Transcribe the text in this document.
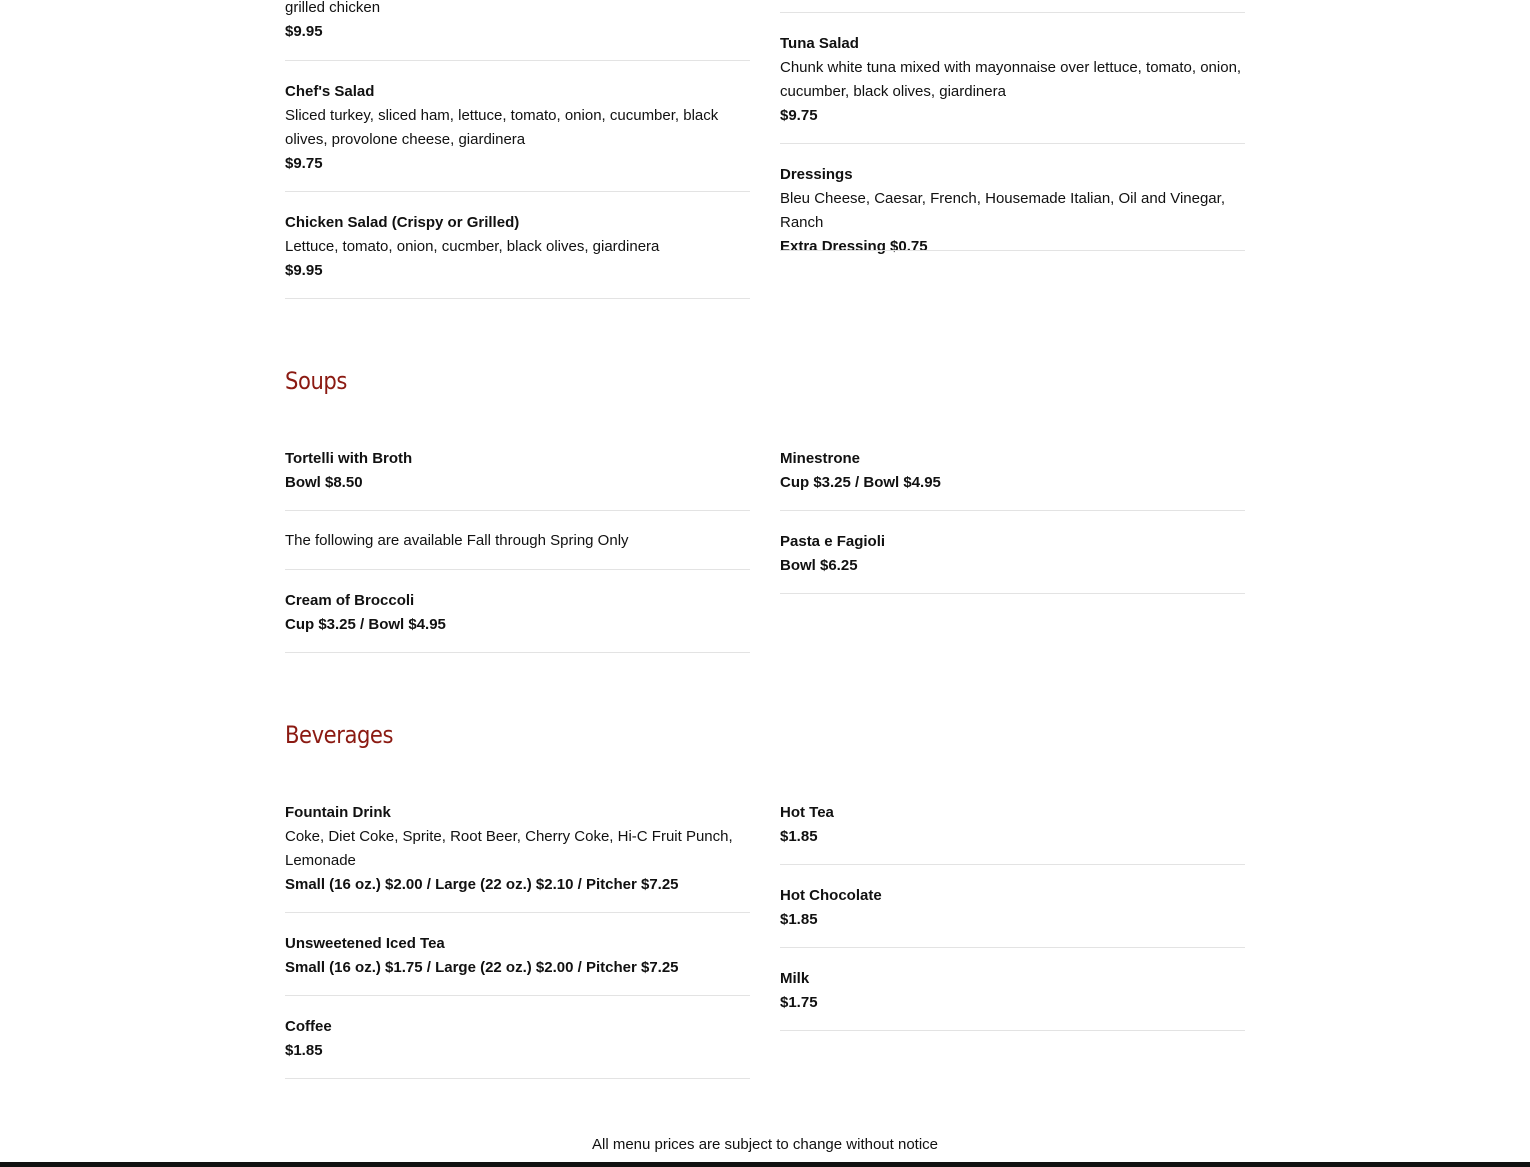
grilled chicken
$9.95
Chef's Salad
Sliced turkey, sliced ham, lettuce, tomato, onion, cucumber, black olives, provolone cheese, giardinera
$9.75
Chicken Salad (Crispy or Grilled)
Lettuce, tomato, onion, cucmber, black olives, giardinera
$9.95
Tuna Salad
Chunk white tuna mixed with mayonnaise over lettuce, tomato, onion, cucumber, black olives, giardinera
$9.75
Dressings
Bleu Cheese, Caesar, French, Housemade Italian, Oil and Vinegar, Ranch
Extra Dressing $0.75
Soups
Tortelli with Broth
Bowl $8.50
The following are available Fall through Spring Only
Cream of Broccoli
Cup $3.25 / Bowl $4.95
Minestrone
Cup $3.25 / Bowl $4.95
Pasta e Fagioli
Bowl $6.25
Beverages
Fountain Drink
Coke, Diet Coke, Sprite, Root Beer, Cherry Coke, Hi-C Fruit Punch, Lemonade
Small (16 oz.) $2.00 / Large (22 oz.) $2.10 / Pitcher $7.25
Unsweetened Iced Tea
Small (16 oz.) $1.75 / Large (22 oz.) $2.00 / Pitcher $7.25
Coffee
$1.85
Hot Tea
$1.85
Hot Chocolate
$1.85
Milk
$1.75
All menu prices are subject to change without notice
